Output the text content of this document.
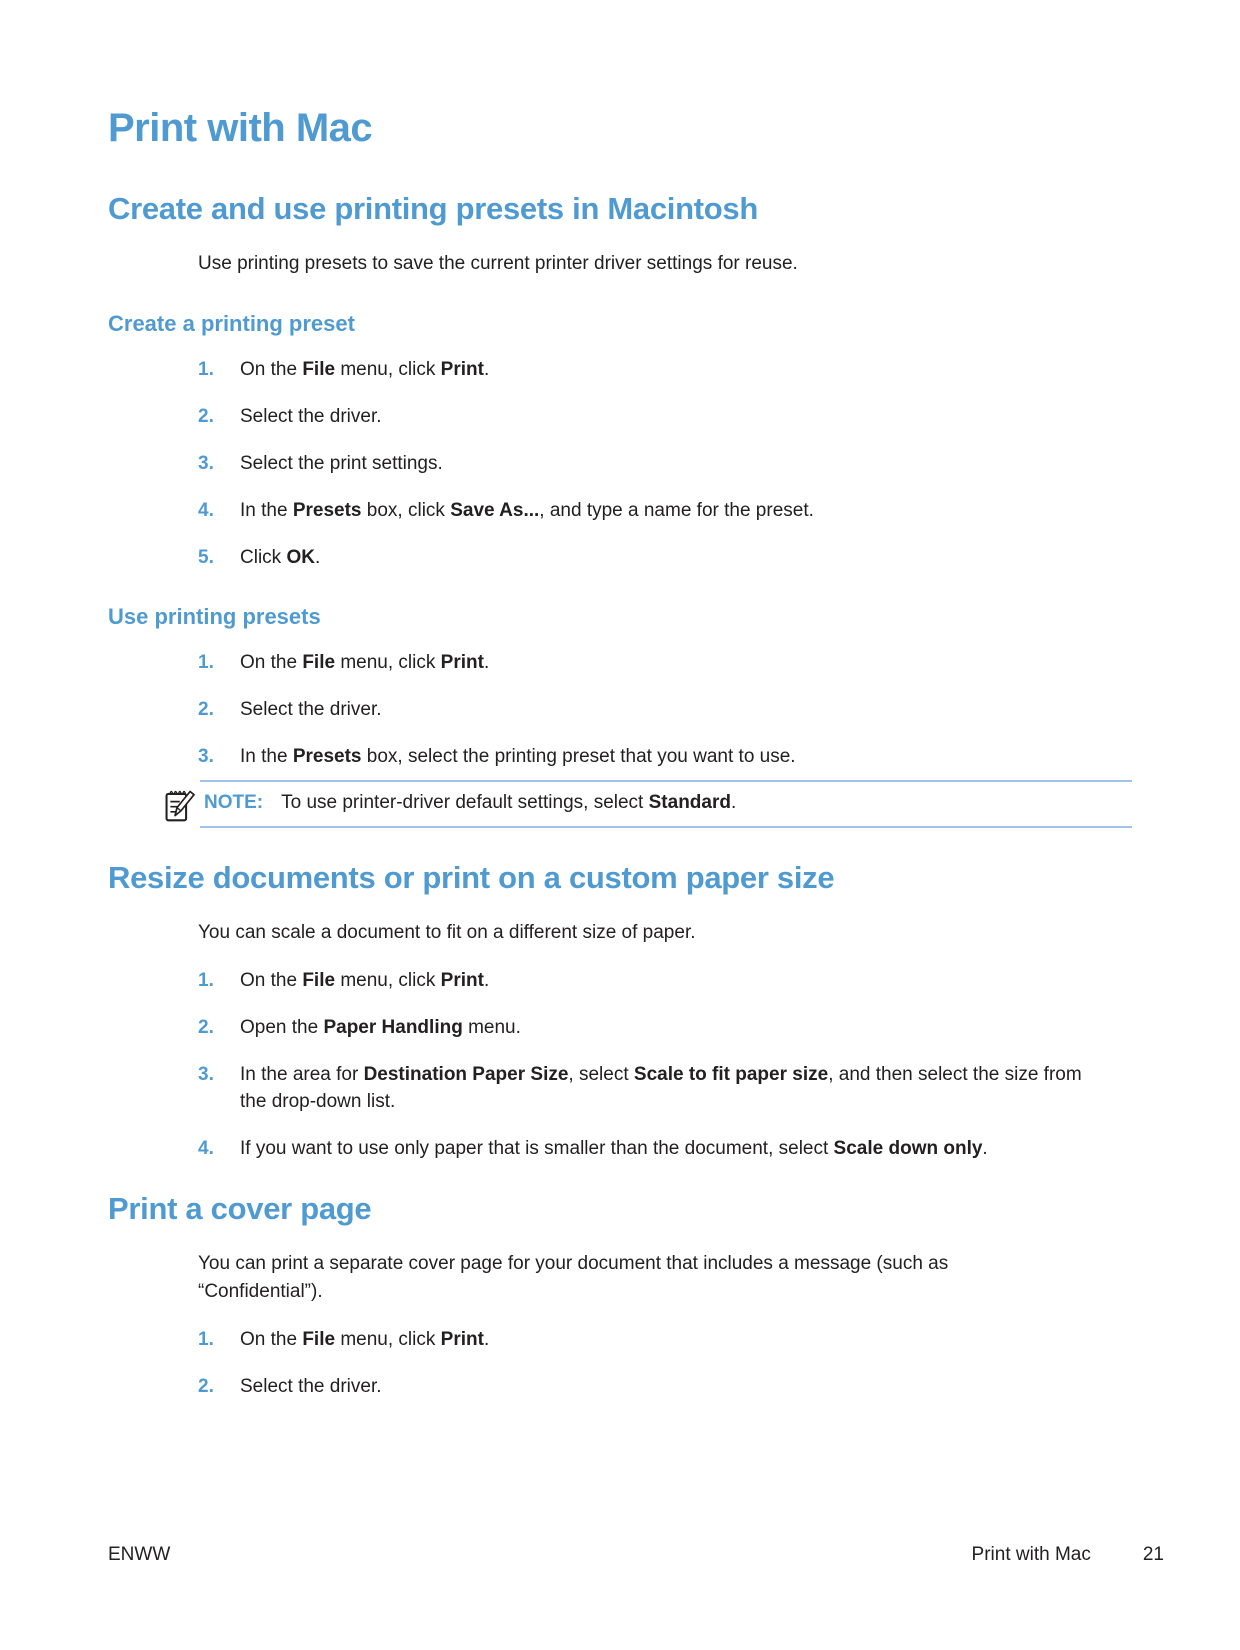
Print with Mac
Create and use printing presets in Macintosh

Use printing presets to save the current printer driver settings for reuse.

Create a printing preset
1.	On the File menu, click Print.
2.	Select the driver.
3.	Select the print settings.
4.	In the Presets box, click Save As..., and type a name for the preset.
5.	Click OK.
Use printing presets
1.	On the File menu, click Print.
2.	Select the driver.
3.	In the Presets box, select the printing preset that you want to use.
NOTE: To use printer-driver default settings, select Standard.
Resize documents or print on a custom paper size

You can scale a document to fit on a different size of paper.

1.	On the File menu, click Print.
2.	Open the Paper Handling menu.
3.	In the area for Destination Paper Size, select Scale to fit paper size, and then select the size from the drop-down list.
4.	If you want to use only paper that is smaller than the document, select Scale down only.
Print a cover page

You can print a separate cover page for your document that includes a message (such as “Confidential”).

1.	On the File menu, click Print.
2.	Select the driver.
ENWW	Print with Mac	21
